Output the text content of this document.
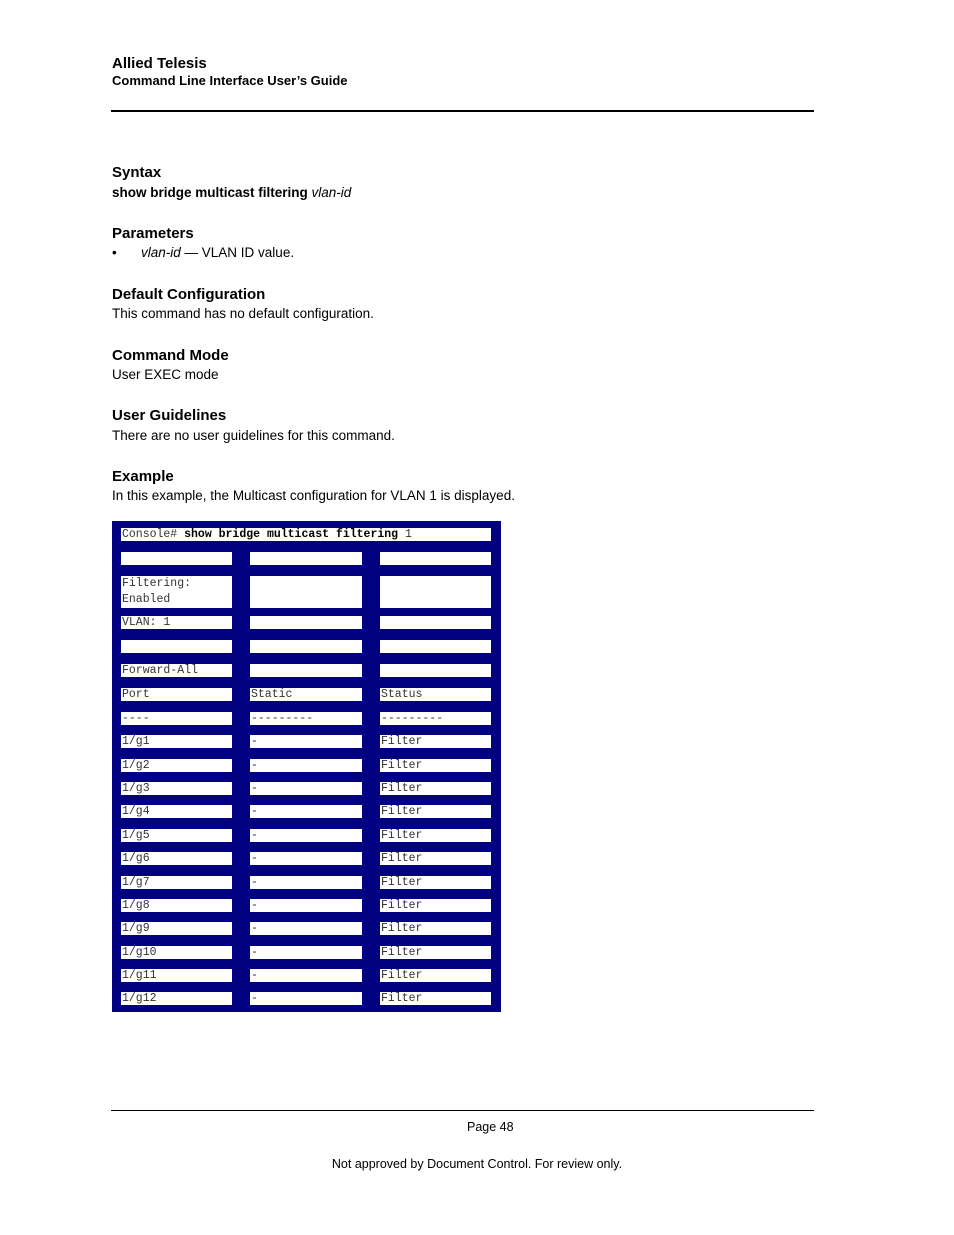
Allied Telesis
Command Line Interface User’s Guide
Syntax
show bridge multicast filtering vlan-id
Parameters
• vlan-id — VLAN ID value.
Default Configuration
This command has no default configuration.
Command Mode
User EXEC mode
User Guidelines
There are no user guidelines for this command.
Example
In this example, the Multicast configuration for VLAN 1 is displayed.
Console# show bridge multicast filtering 1
Filtering:
Enabled
VLAN: 1
Forward-All
Port	Static	Status
----	---------	---------
1/g1	-	Filter
1/g2	-	Filter
1/g3	-	Filter
1/g4	-	Filter
1/g5	-	Filter
1/g6	-	Filter
1/g7	-	Filter
1/g8	-	Filter
1/g9	-	Filter
1/g10	-	Filter
1/g11	-	Filter
1/g12	-	Filter
Page 48
Not approved by Document Control. For review only.
